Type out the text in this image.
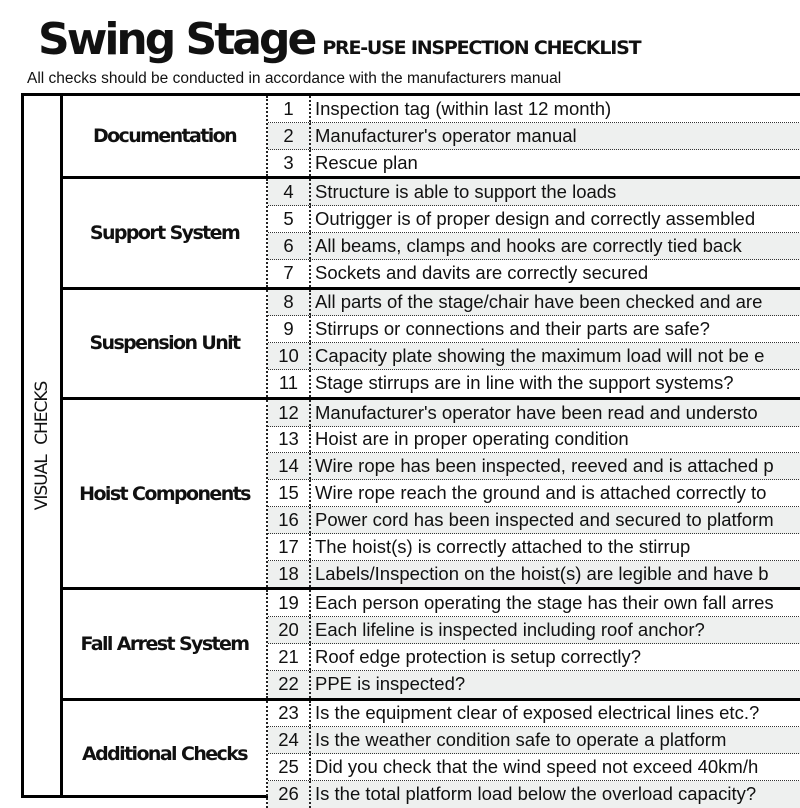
Swing Stage PRE-USE INSPECTION CHECKLIST
All checks should be conducted in accordance with the manufacturers manual
VISUAL CHECKS
Documentation
1	Inspection tag (within last 12 month)
2	Manufacturer's operator manual
3	Rescue plan
Support System
4	Structure is able to support the loads
5	Outrigger is of proper design and correctly assembled
6	All beams, clamps and hooks are correctly tied back
7	Sockets and davits are correctly secured
Suspension Unit
8	All parts of the stage/chair have been checked and are
9	Stirrups or connections and their parts are safe?
10 Capacity plate showing the maximum load will not be e
11 Stage stirrups are in line with the support systems?
Hoist Components
12 Manufacturer's operator have been read and understo
13 Hoist are in proper operating condition
14 Wire rope has been inspected, reeved and is attached p
15 Wire rope reach the ground and is attached correctly to
16 Power cord has been inspected and secured to platform
17 The hoist(s) is correctly attached to the stirrup
18 Labels/Inspection on the hoist(s) are legible and have b
Fall Arrest System
19 Each person operating the stage has their own fall arres
20 Each lifeline is inspected including roof anchor?
21 Roof edge protection is setup correctly?
22 PPE is inspected?
Additional Checks
23 Is the equipment clear of exposed electrical lines etc.?
24 Is the weather condition safe to operate a platform
25 Did you check that the wind speed not exceed 40km/h
26 Is the total platform load below the overload capacity?
